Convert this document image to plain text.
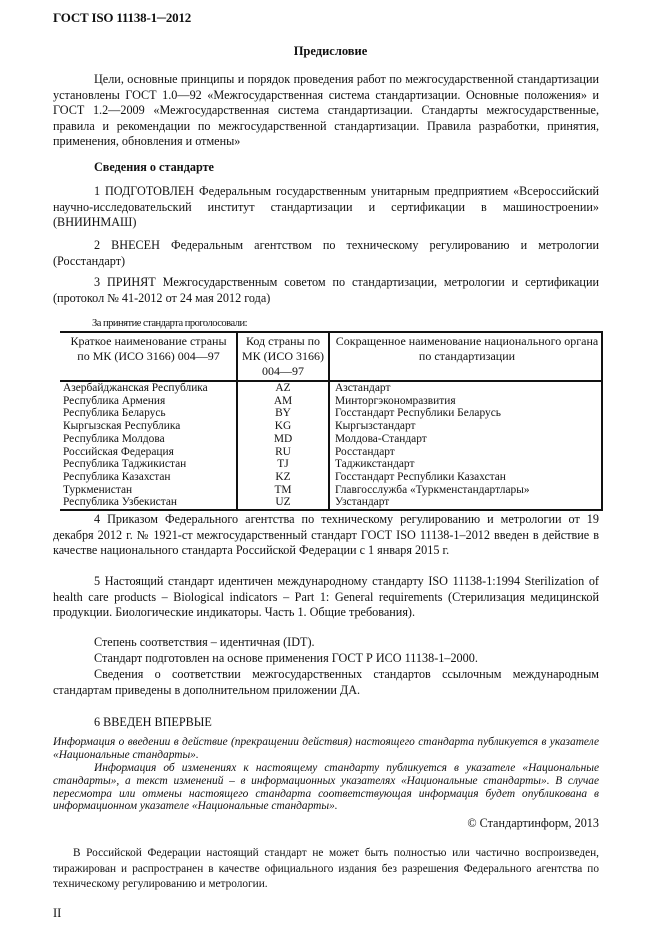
ГОСТ ISO 11138-1─2012
Предисловие
Цели, основные принципы и порядок проведения работ по межгосударственной стандартизации установлены ГОСТ 1.0—92 «Межгосударственная система стандартизации. Основные положения» и ГОСТ 1.2—2009 «Межгосударственная система стандартизации. Стандарты межгосударственные, правила и рекомендации по межгосударственной стандартизации. Правила разработки, принятия, применения, обновления и отмены»
Сведения о стандарте
1 ПОДГОТОВЛЕН Федеральным государственным унитарным предприятием «Всероссийский научно-исследовательский институт стандартизации и сертификации в машиностроении» (ВНИИНМАШ)
2 ВНЕСЕН Федеральным агентством по техническому регулированию и метрологии (Росстандарт)
3 ПРИНЯТ Межгосударственным советом по стандартизации, метрологии и сертификации (протокол № 41-2012 от 24 мая 2012 года)
За принятие стандарта проголосовали:
Краткое наименование страны по МК (ИСО 3166) 004—97	Код страны по МК (ИСО 3166) 004—97	Сокращенное наименование национального органа по стандартизации
Азербайджанская Республика	AZ	Азстандарт
Республика Армения	AM	Минторгэкономразвития
Республика Беларусь	BY	Госстандарт Республики Беларусь
Кыргызская Республика	KG	Кыргызстандарт
Республика Молдова	MD	Молдова-Стандарт
Российская Федерация	RU	Росстандарт
Республика Таджикистан	TJ	Таджикстандарт
Республика Казахстан	KZ	Госстандарт Республики Казахстан
Туркменистан	TM	Главгосслужба «Туркменстандартлары»
Республика Узбекистан	UZ	Узстандарт
4 Приказом Федерального агентства по техническому регулированию и метрологии от 19 декабря 2012 г. № 1921-ст межгосударственный стандарт ГОСТ ISO 11138-1–2012 введен в действие в качестве национального стандарта Российской Федерации с 1 января 2015 г.
5 Настоящий стандарт идентичен международному стандарту ISO 11138-1:1994 Sterilization of health care products – Biological indicators – Part 1: General requirements (Стерилизация медицинской продукции. Биологические индикаторы. Часть 1. Общие требования).
Степень соответствия – идентичная (IDT).
Стандарт подготовлен на основе применения ГОСТ Р ИСО 11138-1–2000.
Сведения о соответствии межгосударственных стандартов ссылочным международным стандартам приведены в дополнительном приложении ДА.
6 ВВЕДЕН ВПЕРВЫЕ
Информация о введении в действие (прекращении действия) настоящего стандарта публикуется в указателе «Национальные стандарты».
Информация об изменениях к настоящему стандарту публикуется в указателе «Национальные стандарты», а текст изменений – в информационных указателях «Национальные стандарты». В случае пересмотра или отмены настоящего стандарта соответствующая информация будет опубликована в информационном указателе «Национальные стандарты».
© Стандартинформ, 2013
В Российской Федерации настоящий стандарт не может быть полностью или частично воспроизведен, тиражирован и распространен в качестве официального издания без разрешения Федерального агентства по техническому регулированию и метрологии.
II
